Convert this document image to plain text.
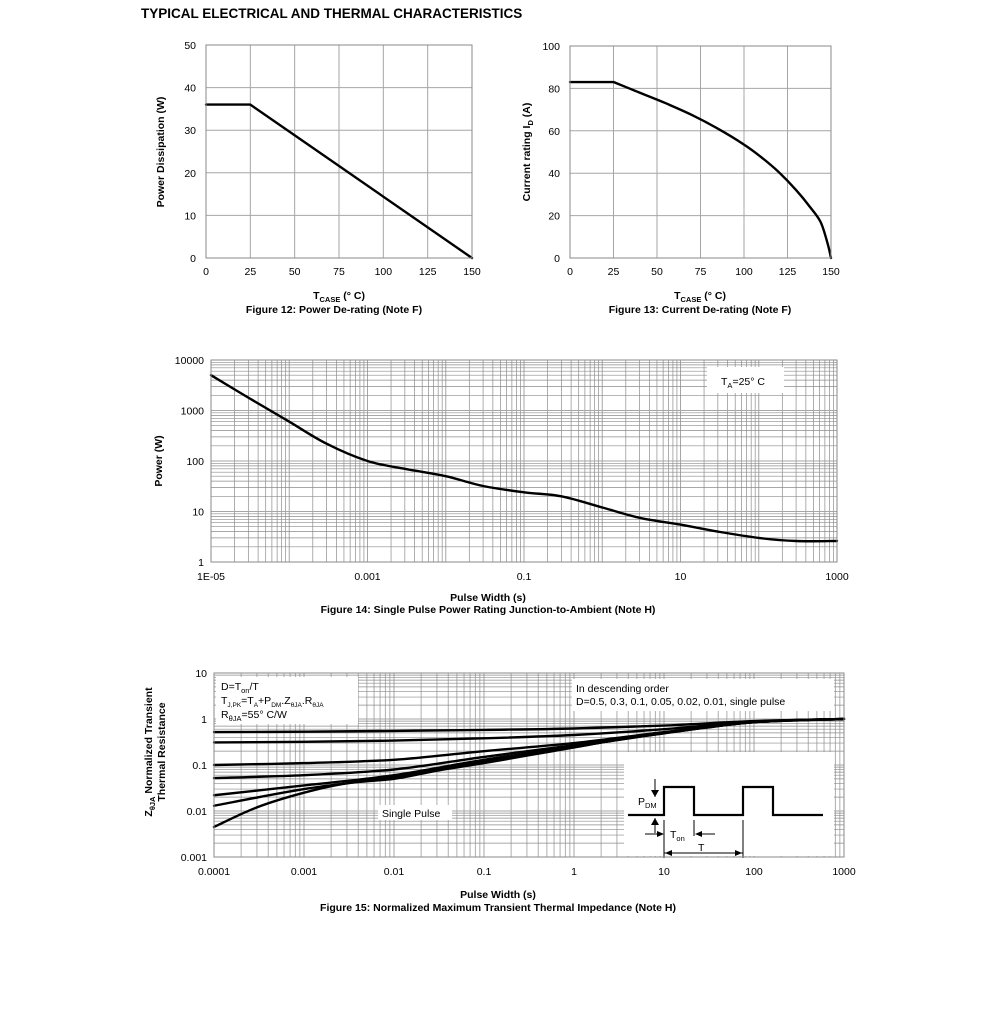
TYPICAL ELECTRICAL AND THERMAL CHARACTERISTICS
0	25	50	75	100	125	150
0
10
20
30
40
50
Power Dissipation (W)
$T_{CASE}$ (° C)
Figure 12: Power De-rating (Note F)
0	25	50	75	100 125 150
0
20
40
60
80
100
Current rating $I_D$ (A)
$T_{CASE}$ (° C)
Figure 13: Current De-rating (Note F)
1E-05	0.001	0.1	10	1000
1
10
100
1000
10000
$T_A=25^\circ$ C
Power (W)
Pulse Width (s)
Figure 14: Single Pulse Power Rating Junction-to-Ambient (Note H)
0.0001	0.001	0.01	0.1	1	10	100	1000
0.001
0.01
0.1
1
10
$D=T_{on}/T$
$T_{J,PK}=T_A+P_{DM}.Z_{\theta JA}.R_{\theta JA}$
$R_{\theta JA}=55^\circ$ C/W
In descending order
D=0.5, 0.3, 0.1, 0.05, 0.02, 0.01, single pulse
Single Pulse
$P_{DM}$
$T_{on}$
T
$Z_{\theta JA}$ Normalized Transient Thermal Resistance
Pulse Width (s)
Figure 15: Normalized Maximum Transient Thermal Impedance (Note H)
